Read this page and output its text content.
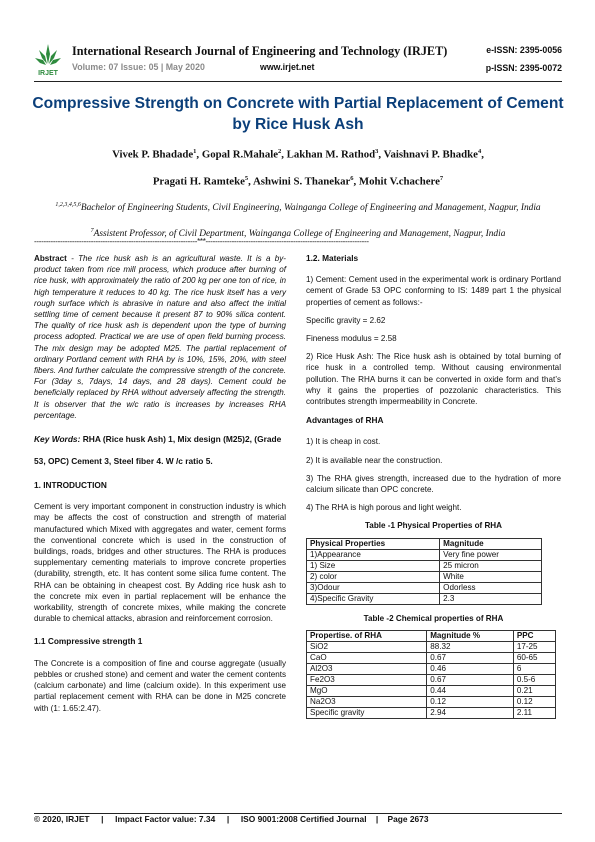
IRJET
International Research Journal of Engineering and Technology (IRJET)
Volume: 07 Issue: 05 | May 2020	www.irjet.net
e-ISSN: 2395-0056
p-ISSN: 2395-0072
Compressive Strength on Concrete with Partial Replacement of Cement by Rice Husk Ash
Vivek P. Bhadade$^1$, Gopal R.Mahale$^2$, Lakhan M. Rathod$^3$, Vaishnavi P. Bhadke$^4$,
Pragati H. Ramteke$^5$, Ashwini S. Thanekar$^6$, Mohit V.chachere$^7$
$^{1,2,3,4,5,6}$Bachelor of Engineering Students, Civil Engineering, Wainganga College of Engineering and Management, Nagpur, India
$^7$Assistent Professor, of Civil Department, Wainganga College of Engineering and Management, Nagpur, India
---------------------------------------------------------------------***---------------------------------------------------------------------

Abstract - The rice husk ash is an agricultural waste. It is a by- product taken from rice mill process, which produce after burning of rice husk, with approximately the ratio of 200 kg per one ton of rice, in high temperature it reduces to 40 kg. The rice husk itself has a very rough surface which is abrasive in nature and also affect the initial settling time of cement because it present 87 to 90% silica content. The quality of rice husk ash is dependent upon the type of burning process adopted. Practical we are use of open field burning process. The mix design may be adopted M25. The partial replacement of ordinary Portland cement with RHA by is 10%, 15%, 20%, with steel fibers. And further calculate the compressive strength of the concrete. For (3day s, 7days, 14 days, and 28 days). Cement could be beneficially replaced by RHA without adversely affecting the strength. It is observer that the w/c ratio is increases by increases RHA percentage.

Key Words: RHA (Rice husk Ash) 1, Mix design (M25)2, (Grade 53, OPC) Cement 3, Steel fiber 4. W /c ratio 5.
1. INTRODUCTION

Cement is very important component in construction industry is which may be affects the cost of construction and strength of material manufactured which Mixed with aggregates and water, cement forms the conventional concrete which is used in the construction of buildings, roads, bridges and other structures. The RHA is produces supplementary cementing materials to improve concrete properties (durability, strength, etc. It has content some silica fume content. The RHA can be obtaining in cheapest cost. By Adding rice husk ash to the concrete mix even in partial replacement will be enhance the workability, strength of concrete mixes, while making the concrete durable to chemical attacks, abrasion and reinforcement corrosion.

1.1 Compressive strength 1

The Concrete is a composition of fine and course aggregate (usually pebbles or crushed stone) and cement and water the cement contents (calcium carbonate) and lime (calcium oxide). In this experiment use partial replacement cement with RHA can be done in M25 concrete with (1: 1.65:2.47).

1.2. Materials

1) Cement: Cement used in the experimental work is ordinary Portland cement of Grade 53 OPC conforming to IS: 1489 part 1 the physical properties of cement as follows:-

Specific gravity = 2.62

Fineness modulus = 2.58

2) Rice Husk Ash: The Rice husk ash is obtained by total burning of rice husk in a controlled temp. Without causing environmental pollution. The RHA burns it can be converted in oxide form and that’s why it gains the properties of pozzolanic characteristics. This contributes strength impermeability in Concrete.

Advantages of RHA

1) It is cheap in cost.

2) It is available near the construction.

3) The RHA gives strength, increased due to the hydration of more calcium silicate than OPC concrete.

4) The RHA is high porous and light weight.

Table -1 Physical Properties of RHA
Physical Properties	Magnitude
1)Appearance	Very fine power
1) Size	25 micron
2) color	White
3)Odour	Odorless
4)Specific Gravity	2.3
Table -2 Chemical properties of RHA
Propertise. of RHA	Magnitude %	PPC
SiO2	88.32	17-25
CaO	0.67	60-65
Al2O3	0.46	6
Fe2O3	0.67	0.5-6
MgO	0.44	0.21
Na2O3	0.12	0.12
Specific gravity	2.94	2.11
© 2020, IRJET | Impact Factor value: 7.34 | ISO 9001:2008 Certified Journal | Page 2673
